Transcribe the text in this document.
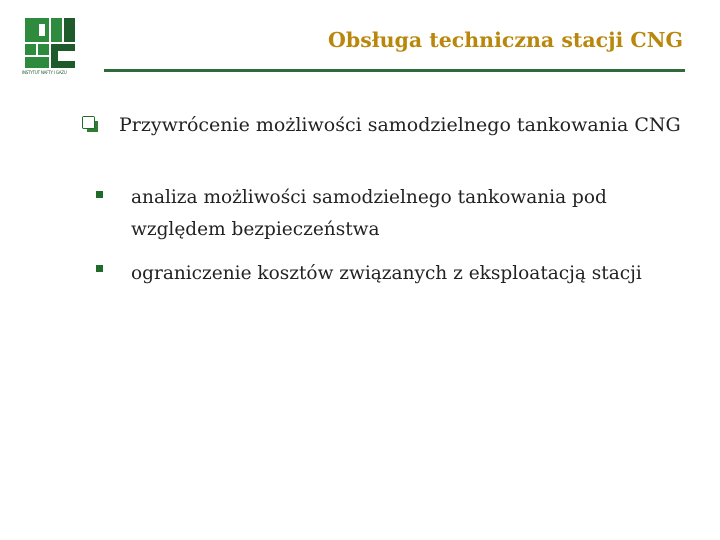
INSTYTUT NAFTY I GAZU
Obsługa techniczna stacji CNG

Przywrócenie możliwości samodzielnego tankowania CNG

analiza możliwości samodzielnego tankowania pod względem bezpieczeństwa

ograniczenie kosztów związanych z eksploatacją stacji
